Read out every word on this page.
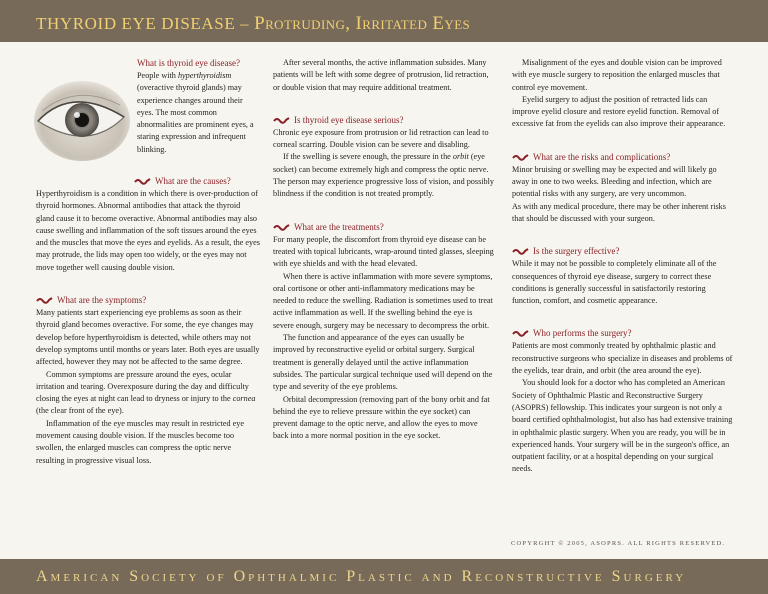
THYROID EYE DISEASE – Protruding, Irritated Eyes
What is thyroid eye disease?

People with hyperthyroidism (overactive thyroid glands) may experience changes around their eyes. The most common abnormalities are prominent eyes, a staring expression and infrequent blinking.

What are the causes?

Hyperthyroidism is a condition in which there is over-production of thyroid hormones. Abnormal antibodies that attack the thyroid gland cause it to become overactive. Abnormal antibodies may also cause swelling and inflammation of the soft tissues around the eyes and the muscles that move the eyes and eyelids. As a result, the eyes may protrude, the lids may open too widely, or the eyes may not move together well causing double vision.

What are the symptoms?

Many patients start experiencing eye problems as soon as their thyroid gland becomes overactive. For some, the eye changes may develop before hyperthyroidism is detected, while others may not develop symptoms until months or years later. Both eyes are usually affected, however they may not be affected to the same degree.

Common symptoms are pressure around the eyes, ocular irritation and tearing. Overexposure during the day and difficulty closing the eyes at night can lead to dryness or injury to the cornea (the clear front of the eye).

Inflammation of the eye muscles may result in restricted eye movement causing double vision. If the muscles become too swollen, the enlarged muscles can compress the optic nerve resulting in progressive visual loss.

After several months, the active inflammation subsides. Many patients will be left with some degree of protrusion, lid retraction, or double vision that may require additional treatment.

Is thyroid eye disease serious?

Chronic eye exposure from protrusion or lid retraction can lead to corneal scarring. Double vision can be severe and disabling.

If the swelling is severe enough, the pressure in the orbit (eye socket) can become extremely high and compress the optic nerve. The person may experience progressive loss of vision, and possibly blindness if the condition is not treated promptly.

What are the treatments?

For many people, the discomfort from thyroid eye disease can be treated with topical lubricants, wrap-around tinted glasses, sleeping with eye shields and with the head elevated.

When there is active inflammation with more severe symptoms, oral cortisone or other anti-inflammatory medications may be needed to reduce the swelling. Radiation is sometimes used to treat active inflammation as well. If the swelling behind the eye is severe enough, surgery may be necessary to decompress the orbit.

The function and appearance of the eyes can usually be improved by reconstructive eyelid or orbital surgery. Surgical treatment is generally delayed until the active inflammation subsides. The particular surgical technique used will depend on the type and severity of the eye problems.

Orbital decompression (removing part of the bony orbit and fat behind the eye to relieve pressure within the eye socket) can prevent damage to the optic nerve, and allow the eyes to move back into a more normal position in the eye socket.

Misalignment of the eyes and double vision can be improved with eye muscle surgery to reposition the enlarged muscles that control eye movement.

Eyelid surgery to adjust the position of retracted lids can improve eyelid closure and restore eyelid function. Removal of excessive fat from the eyelids can also improve their appearance.

What are the risks and complications?

Minor bruising or swelling may be expected and will likely go away in one to two weeks. Bleeding and infection, which are potential risks with any surgery, are very uncommon.

As with any medical procedure, there may be other inherent risks that should be discussed with your surgeon.

Is the surgery effective?

While it may not be possible to completely eliminate all of the consequences of thyroid eye disease, surgery to correct these conditions is generally successful in satisfactorily restoring function, comfort, and cosmetic appearance.

Who performs the surgery?

Patients are most commonly treated by ophthalmic plastic and reconstructive surgeons who specialize in diseases and problems of the eyelids, tear drain, and orbit (the area around the eye).

You should look for a doctor who has completed an American Society of Ophthalmic Plastic and Reconstructive Surgery (ASOPRS) fellowship. This indicates your surgeon is not only a board certified ophthalmologist, but also has had extensive training in ophthalmic plastic surgery. When you are ready, you will be in experienced hands. Your surgery will be in the surgeon's office, an outpatient facility, or at a hospital depending on your surgical needs.

COPYRGHT © 2005, ASOPRS. ALL RIGHTS RESERVED.
American Society of Ophthalmic Plastic and Reconstructive Surgery
